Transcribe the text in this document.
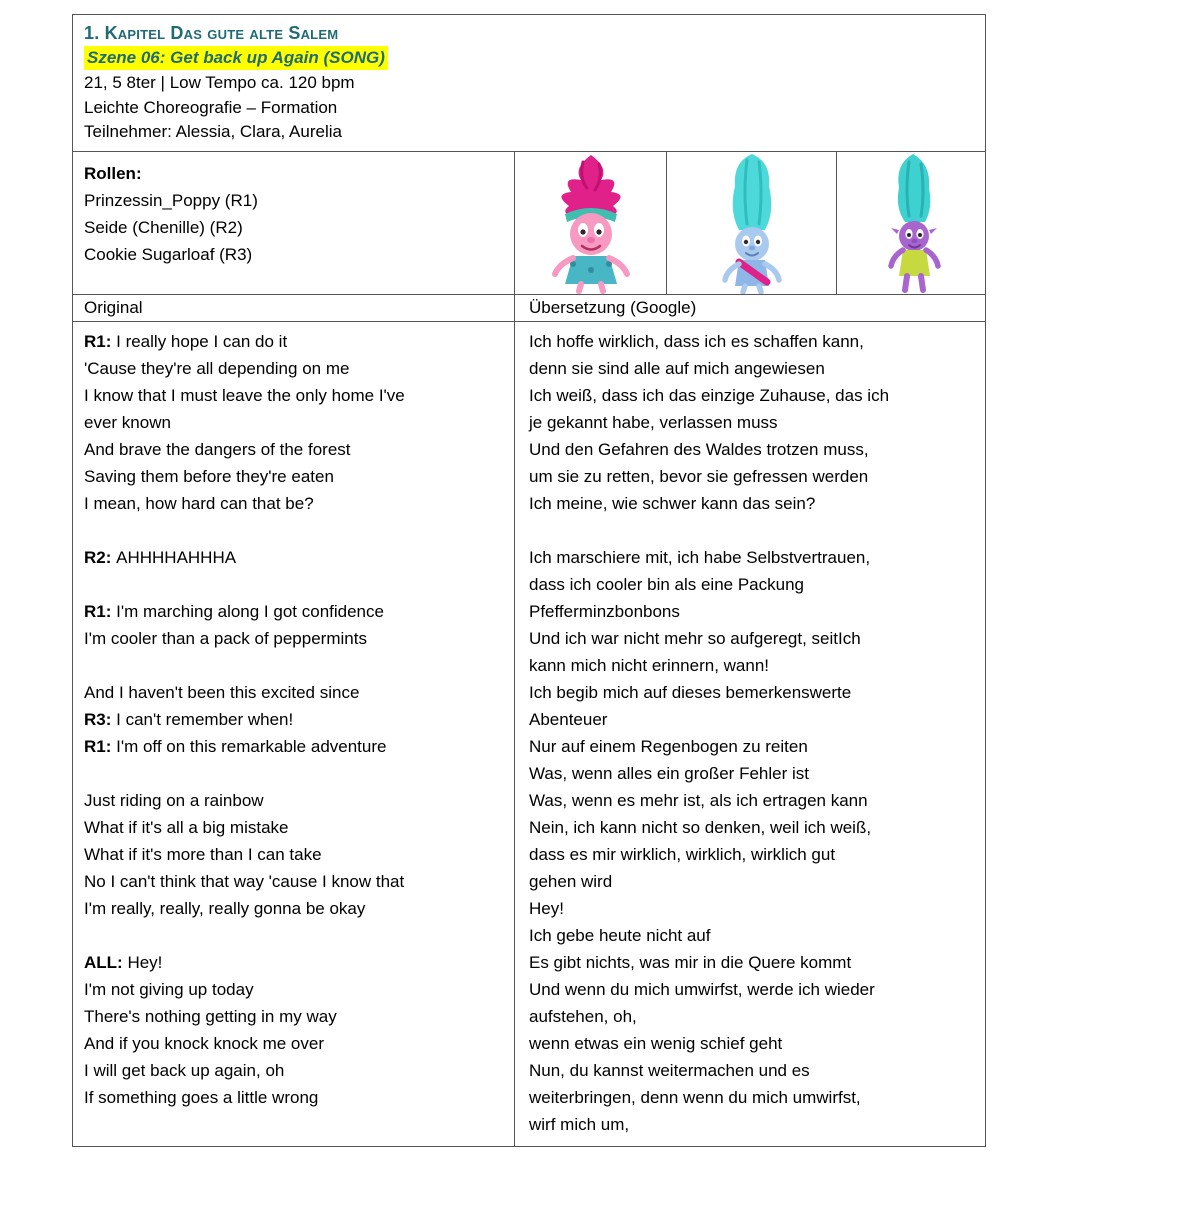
1. Kapitel Das gute alte Salem
Szene 06: Get back up Again (SONG)
21, 5 8ter | Low Tempo ca. 120 bpm
Leichte Choreografie – Formation
Teilnehmer: Alessia, Clara, Aurelia
Rollen:
Prinzessin_Poppy (R1)
Seide (Chenille) (R2)
Cookie Sugarloaf (R3)
Original	Übersetzung (Google)
R1: I really hope I can do it
'Cause they're all depending on me
I know that I must leave the only home I've
ever known
And brave the dangers of the forest
Saving them before they're eaten
I mean, how hard can that be?
R2: AHHHHAHHHA
R1: I'm marching along I got confidence
I'm cooler than a pack of peppermints
And I haven't been this excited since
R3: I can't remember when!
R1: I'm off on this remarkable adventure
Just riding on a rainbow
What if it's all a big mistake
What if it's more than I can take
No I can't think that way 'cause I know that
I'm really, really, really gonna be okay
ALL: Hey!
I'm not giving up today
There's nothing getting in my way
And if you knock knock me over
I will get back up again, oh
If something goes a little wrong
Ich hoffe wirklich, dass ich es schaffen kann,
denn sie sind alle auf mich angewiesen
Ich weiß, dass ich das einzige Zuhause, das ich
je gekannt habe, verlassen muss
Und den Gefahren des Waldes trotzen muss,
um sie zu retten, bevor sie gefressen werden
Ich meine, wie schwer kann das sein?
Ich marschiere mit, ich habe Selbstvertrauen,
dass ich cooler bin als eine Packung
Pfefferminzbonbons
Und ich war nicht mehr so aufgeregt, seitIch
kann mich nicht erinnern, wann!
Ich begib mich auf dieses bemerkenswerte
Abenteuer
Nur auf einem Regenbogen zu reiten
Was, wenn alles ein großer Fehler ist
Was, wenn es mehr ist, als ich ertragen kann
Nein, ich kann nicht so denken, weil ich weiß,
dass es mir wirklich, wirklich, wirklich gut
gehen wird
Hey!
Ich gebe heute nicht auf
Es gibt nichts, was mir in die Quere kommt
Und wenn du mich umwirfst, werde ich wieder
aufstehen, oh,
wenn etwas ein wenig schief geht
Nun, du kannst weitermachen und es
weiterbringen, denn wenn du mich umwirfst,
wirf mich um,
